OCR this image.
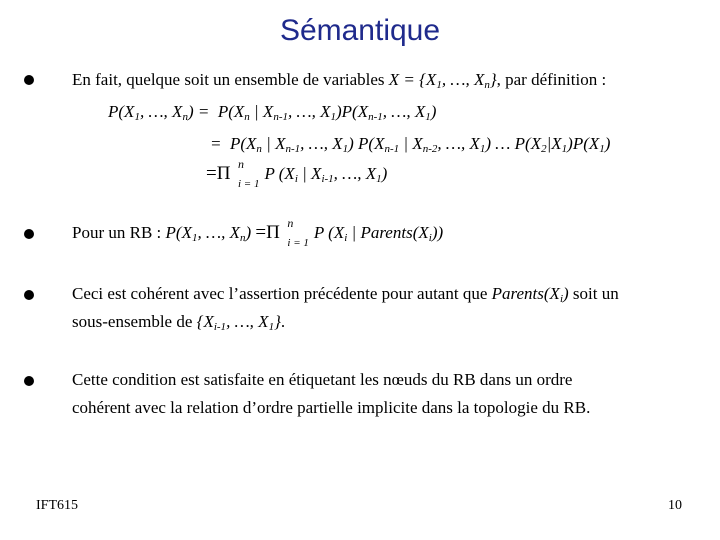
Sémantique
En fait, quelque soit un ensemble de variables $X = \{X_1$, …, $X_n$}, par définition :
$P(X_1$, …, $X_n) = P(X_n$ | $X_{n-1}$, …, $X_1)P(X_{n-1}$, …, $X_1$)
=  $P(X_n$ | $X_{n-1}$, …, $X_1$) $P(X_{n-1}$ | $X_{n-2}$, …, $X_1$) … $P(X_2|X_1)P(X_1)$
=Π n
i = 1
P ($X_i$ | $X_{i-1}$, …, $X_1$)
Pour un RB : $P(X_1$, …, $X_n) =\Pi$ n
i = 1
P ($X_i$ | $Parents(X_i)$)
Ceci est cohérent avec l’assertion précédente pour autant que $Parents(X_i)$ soit un
sous-ensemble de {$X_{i-1}$, …, $X_1$}.
Cette condition est satisfaite en étiquetant les nœuds du RB dans un ordre
cohérent avec la relation d’ordre partielle implicite dans la topologie du RB.
IFT615	10
